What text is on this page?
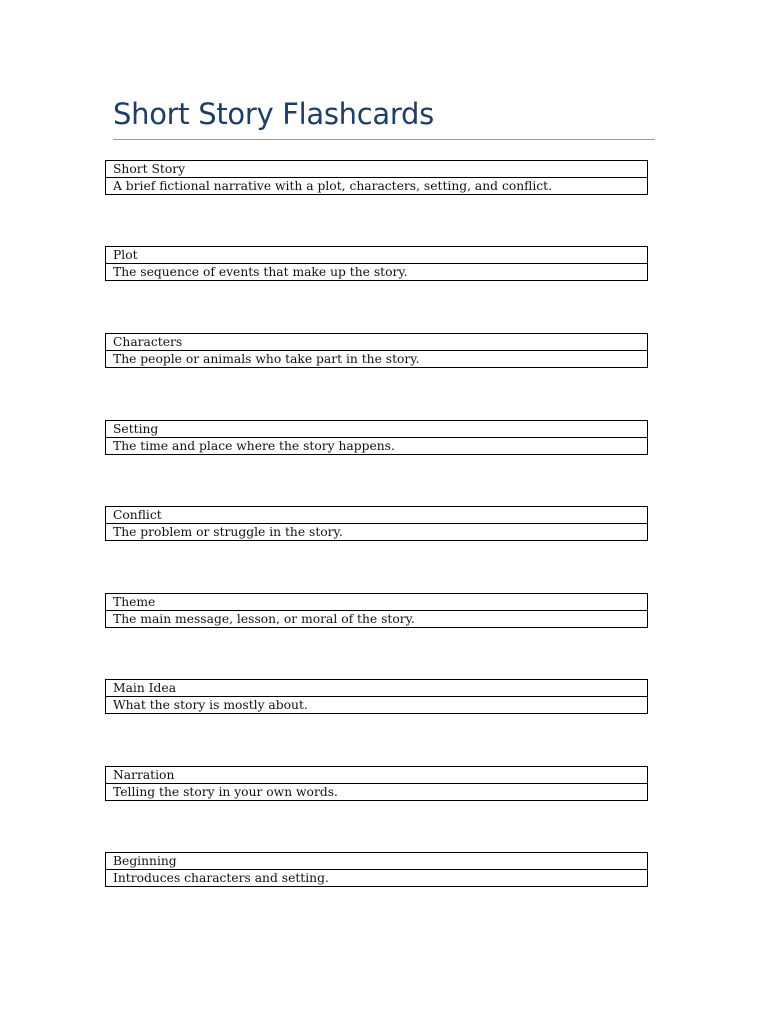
Short Story Flashcards
Short Story
A brief fictional narrative with a plot, characters, setting, and conflict.
Plot
The sequence of events that make up the story.
Characters
The people or animals who take part in the story.
Setting
The time and place where the story happens.
Conflict
The problem or struggle in the story.
Theme
The main message, lesson, or moral of the story.
Main Idea
What the story is mostly about.
Narration
Telling the story in your own words.
Beginning
Introduces characters and setting.
